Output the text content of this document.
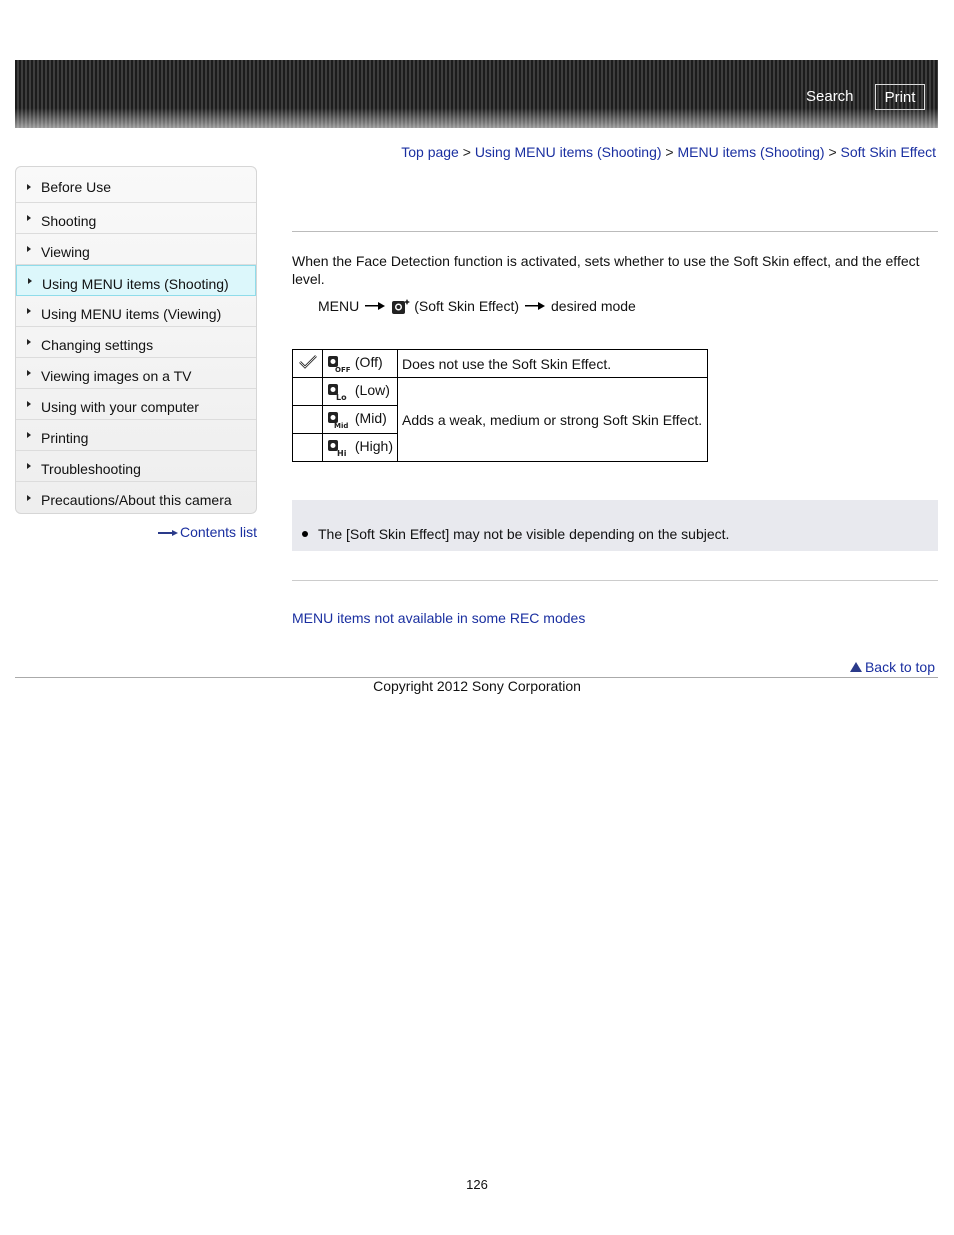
Search	Print
Top page > Using MENU items (Shooting) > MENU items (Shooting) > Soft Skin Effect
Before Use
Shooting
Viewing
Using MENU items (Shooting)
Using MENU items (Viewing)
Changing settings
Viewing images on a TV
Using with your computer
Printing
Troubleshooting
Precautions/About this camera
Contents list
When the Face Detection function is activated, sets whether to use the Soft Skin effect, and the effect level.
MENU	(Soft Skin Effect) desired mode

OFF (Off)	Does not use the Soft Skin Effect.

Lo (Low)	Adds a weak, medium or strong Soft Skin Effect.

Mid (Mid)	

Hi (High)	
The [Soft Skin Effect] may not be visible depending on the subject.
MENU items not available in some REC modes
Back to top
Copyright 2012 Sony Corporation
126
